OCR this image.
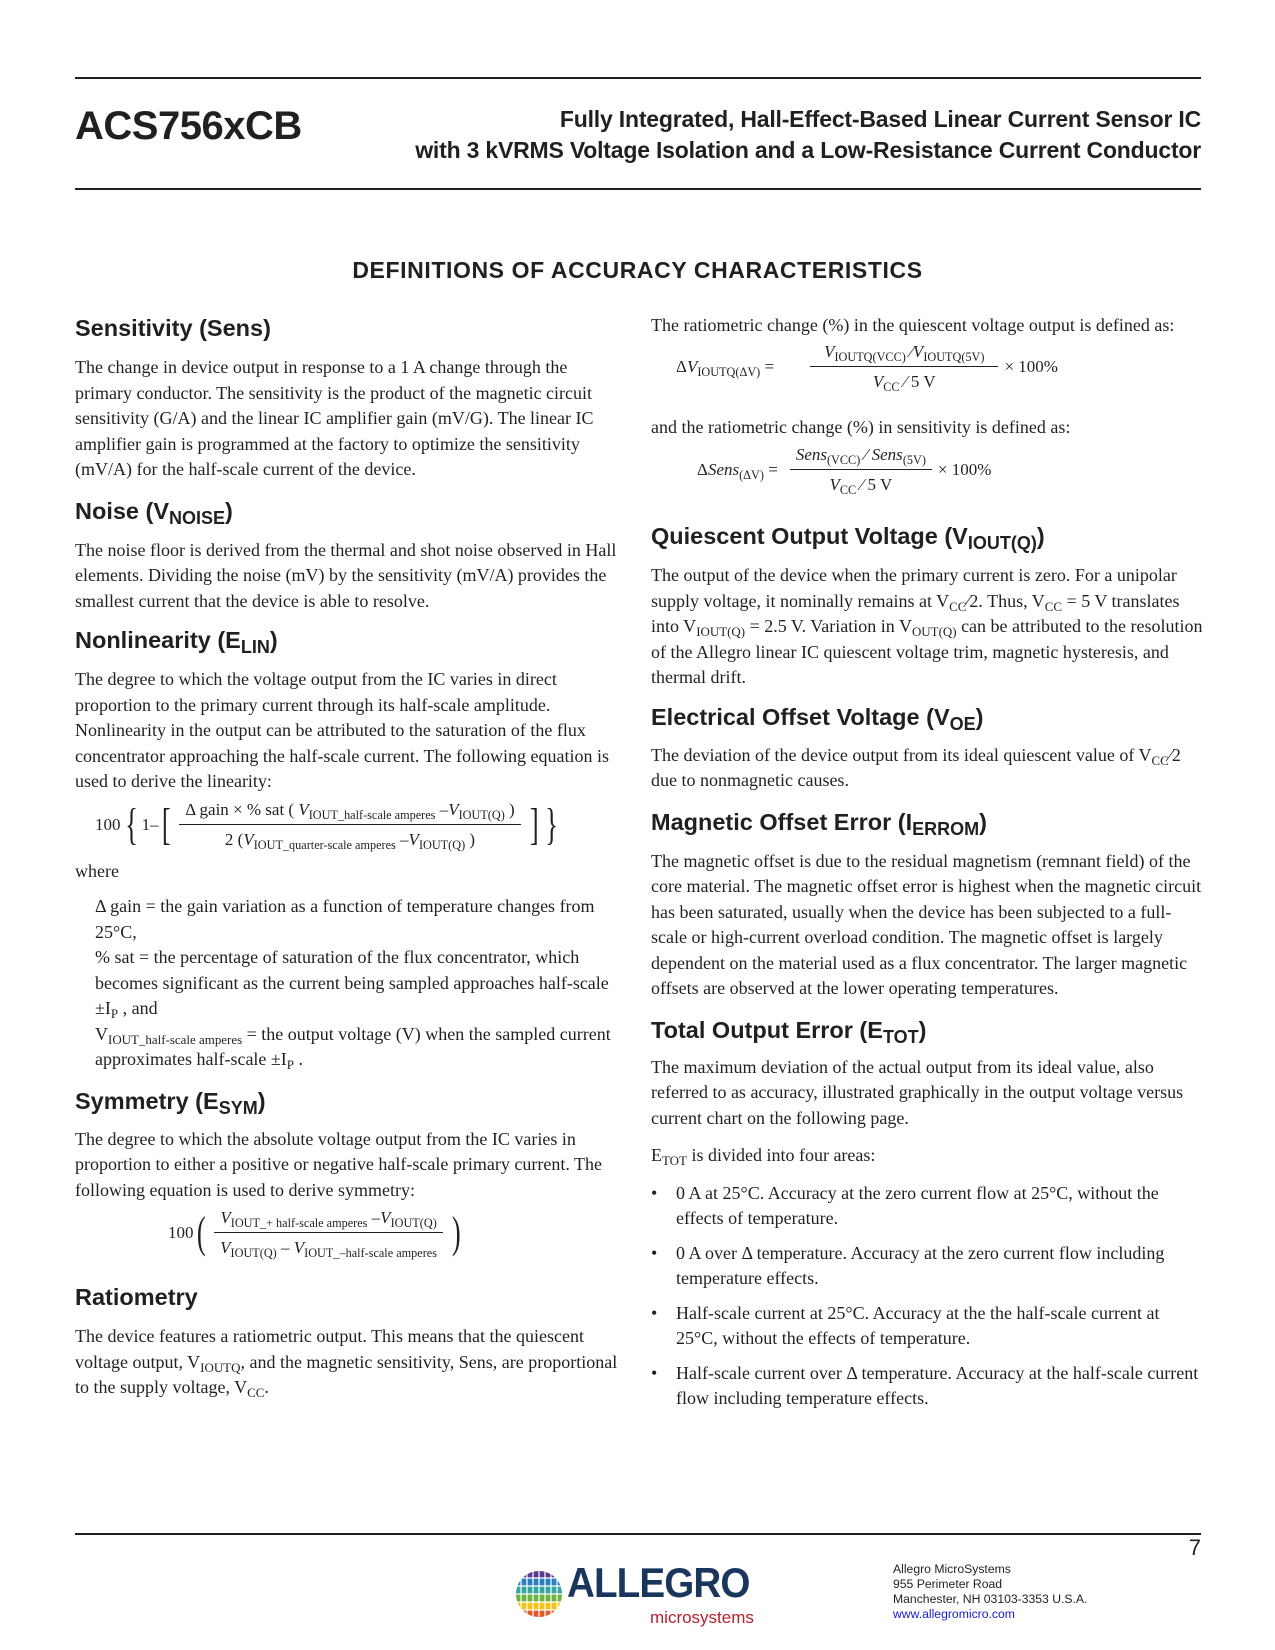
ACS756xCB	Fully Integrated, Hall-Effect-Based Linear Current Sensor IC
with 3 kVRMS Voltage Isolation and a Low-Resistance Current Conductor
DEFINITIONS OF ACCURACY CHARACTERISTICS
Sensitivity (Sens)

The change in device output in response to a 1 A change through the primary conductor. The sensitivity is the product of the magnetic circuit sensitivity (G/A) and the linear IC amplifier gain (mV/G). The linear IC amplifier gain is programmed at the factory to optimize the sensitivity (mV/A) for the half-scale current of the device.

Noise $(V_{NOISE})$

The noise floor is derived from the thermal and shot noise observed in Hall elements. Dividing the noise (mV) by the sensitivity (mV/A) provides the smallest current that the device is able to resolve.

Nonlinearity $(E_{LIN})$

The degree to which the voltage output from the IC varies in direct proportion to the primary current through its half-scale amplitude. Nonlinearity in the output can be attributed to the saturation of the flux concentrator approaching the half-scale current. The following equation is used to derive the linearity:

100 { 1– [ $\frac{\Delta gain \times \% sat ( V_{IOUT\_half-scale amperes} -V_{IOUT(Q)} )}{2 (V_{IOUT\_quarter-scale amperes} -V_{IOUT(Q)} )}$ ] }

where

Δ gain = the gain variation as a function of temperature changes from 25°C,

% sat = the percentage of saturation of the flux concentrator, which becomes significant as the current being sampled approaches half-scale $\pm I_P$ , and

$V_{IOUT\_half-scale amperes}$ = the output voltage (V) when the sampled current approximates half-scale $\pm I_P$ .

Symmetry $(E_{SYM})$

The degree to which the absolute voltage output from the IC varies in proportion to either a positive or negative half-scale primary current. The following equation is used to derive symmetry:

100 ( $\frac{V_{IOUT\_+ half-scale amperes} -V_{IOUT(Q)}}{V_{IOUT(Q)} - V_{IOUT\_-half-scale amperes}}$ )
Ratiometry

The device features a ratiometric output. This means that the quiescent voltage output, $V_{IOUTQ}$, and the magnetic sensitivity, Sens, are proportional to the supply voltage, $V_{CC}$.

The ratiometric change (%) in the quiescent voltage output is defined as:

$\Delta V_{IOUTQ(\Delta V)} = \frac{V_{IOUTQ(VCC)} ⁄V_{IOUTQ(5V)}}{V_{CC} ⁄ 5 V} \times 100\%$

and the ratiometric change (%) in sensitivity is defined as:

ΔSens$_{(\Delta V)}$ = $\frac{Sens_{(VCC)} ⁄ Sens_{(5V)}}{V_{CC} ⁄ 5 V} \times 100\%$
Quiescent Output Voltage $(V_{IOUT(Q)})$

The output of the device when the primary current is zero. For a unipolar supply voltage, it nominally remains at $V_{CC}⁄2$. Thus, $V_{CC} = 5$ V translates into $V_{IOUT(Q)} = 2.5$ V. Variation in $V_{OUT(Q)}$ can be attributed to the resolution of the Allegro linear IC quiescent voltage trim, magnetic hysteresis, and thermal drift.

Electrical Offset Voltage $(V_{OE})$

The deviation of the device output from its ideal quiescent value of $V_{CC}⁄2$ due to nonmagnetic causes.

Magnetic Offset Error $(I_{ERROM})$

The magnetic offset is due to the residual magnetism (remnant field) of the core material. The magnetic offset error is highest when the magnetic circuit has been saturated, usually when the device has been subjected to a full-scale or high-current overload condition. The magnetic offset is largely dependent on the material used as a flux concentrator. The larger magnetic offsets are observed at the lower operating temperatures.

Total Output Error $(E_{TOT})$

The maximum deviation of the actual output from its ideal value, also referred to as accuracy, illustrated graphically in the output voltage versus current chart on the following page.

$E_{TOT}$ is divided into four areas:

• 0 A at 25°C. Accuracy at the zero current flow at 25°C, without the effects of temperature.

• 0 A over Δ temperature. Accuracy at the zero current flow including temperature effects.

• Half-scale current at 25°C. Accuracy at the the half-scale current at 25°C, without the effects of temperature.

• Half-scale current over Δ temperature. Accuracy at the half-scale current flow including temperature effects.

7
ALLEGRO
microsystems
Allegro MicroSystems
955 Perimeter Road
Manchester, NH 03103-3353 U.S.A.
www.allegromicro.com
